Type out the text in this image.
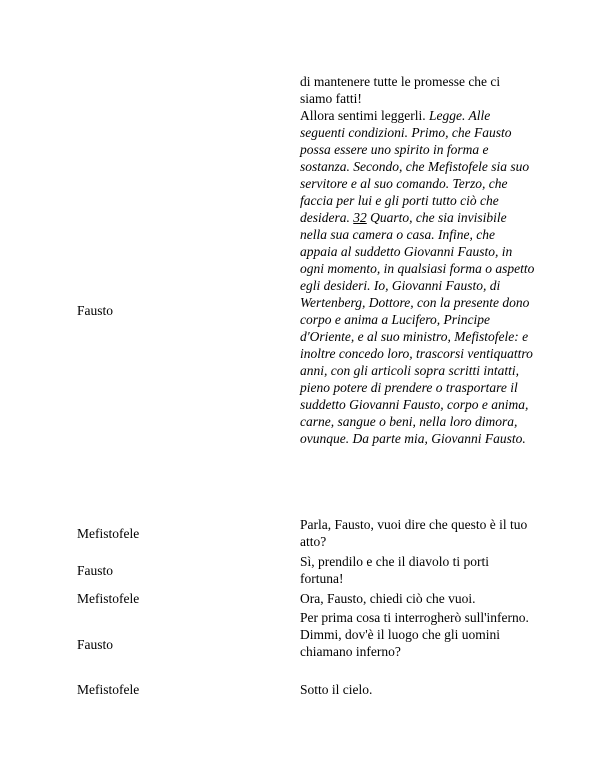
Fausto

di mantenere tutte le promesse che ci siamo fatti!

Allora sentimi leggerli. Legge. Alle seguenti condizioni. Primo, che Fausto possa essere uno spirito in forma e sostanza. Secondo, che Mefistofele sia suo servitore e al suo comando. Terzo, che faccia per lui e gli porti tutto ciò che desidera. 32 Quarto, che sia invisibile nella sua camera o casa. Infine, che appaia al suddetto Giovanni Fausto, in ogni momento, in qualsiasi forma o aspetto egli desideri. Io, Giovanni Fausto, di Wertenberg, Dottore, con la presente dono corpo e anima a Lucifero, Principe d'Oriente, e al suo ministro, Mefistofele: e inoltre concedo loro, trascorsi ventiquattro anni, con gli articoli sopra scritti intatti, pieno potere di prendere o trasportare il suddetto Giovanni Fausto, corpo e anima, carne, sangue o beni, nella loro dimora, ovunque. Da parte mia, Giovanni Fausto.

Mefistofele
Parla, Fausto, vuoi dire che questo è il tuo atto?
Fausto
Sì, prendilo e che il diavolo ti porti fortuna!
Mefistofele	Ora, Fausto, chiedi ciò che vuoi.
Fausto

Per prima cosa ti interrogherò sull'inferno.

Dimmi, dov'è il luogo che gli uomini chiamano inferno?

Mefistofele	Sotto il cielo.
